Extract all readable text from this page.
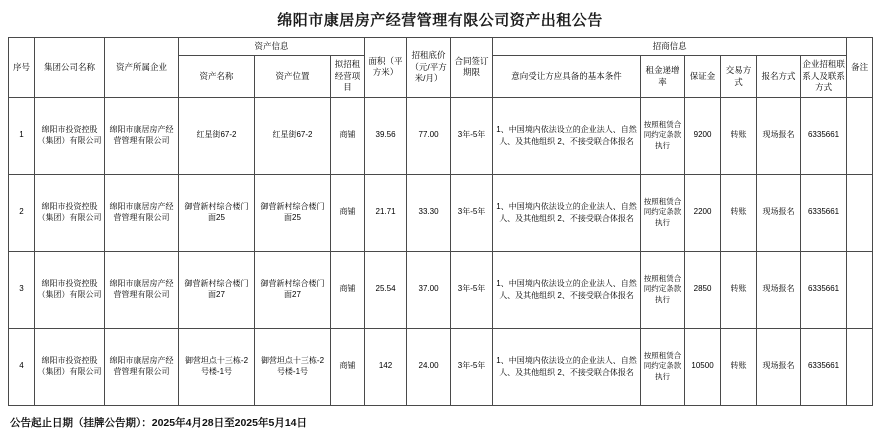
绵阳市康居房产经营管理有限公司资产出租公告
序号	集团公司名称	资产所属企业	资产信息			面积（平方米）	招租底价（元/平方米/月）	合同签订期限	招商信息						备注
			资产名称	资产位置	拟招租经营项目				意向受让方应具备的基本条件	租金递增率	保证金	交易方式	报名方式	企业招租联系人及联系方式	
1	绵阳市投资控股（集团）有限公司	绵阳市康居房产经营管理有限公司	红星街67-2	红星街67-2	商铺	39.56	77.00	3年-5年	1、中国境内依法设立的企业法人、自然人、及其他组织 2、不接受联合体报名	按照租赁合同约定条款执行	9200	转账	现场报名	6335661	
2	绵阳市投资控股（集团）有限公司	绵阳市康居房产经营管理有限公司	御营新村综合楼门面25	御营新村综合楼门面25	商铺	21.71	33.30	3年-5年	1、中国境内依法设立的企业法人、自然人、及其他组织 2、不接受联合体报名	按照租赁合同约定条款执行	2200	转账	现场报名	6335661	
3	绵阳市投资控股（集团）有限公司	绵阳市康居房产经营管理有限公司	御营新村综合楼门面27	御营新村综合楼门面27	商铺	25.54	37.00	3年-5年	1、中国境内依法设立的企业法人、自然人、及其他组织 2、不接受联合体报名	按照租赁合同约定条款执行	2850	转账	现场报名	6335661	
4	绵阳市投资控股（集团）有限公司	绵阳市康居房产经营管理有限公司	御营坦点十三栋-2号楼-1号	御营坦点十三栋-2号楼-1号	商铺	142	24.00	3年-5年	1、中国境内依法设立的企业法人、自然人、及其他组织 2、不接受联合体报名	按照租赁合同约定条款执行	10500	转账	现场报名	6335661	
公告起止日期（挂牌公告期）：2025年4月28日至2025年5月14日
